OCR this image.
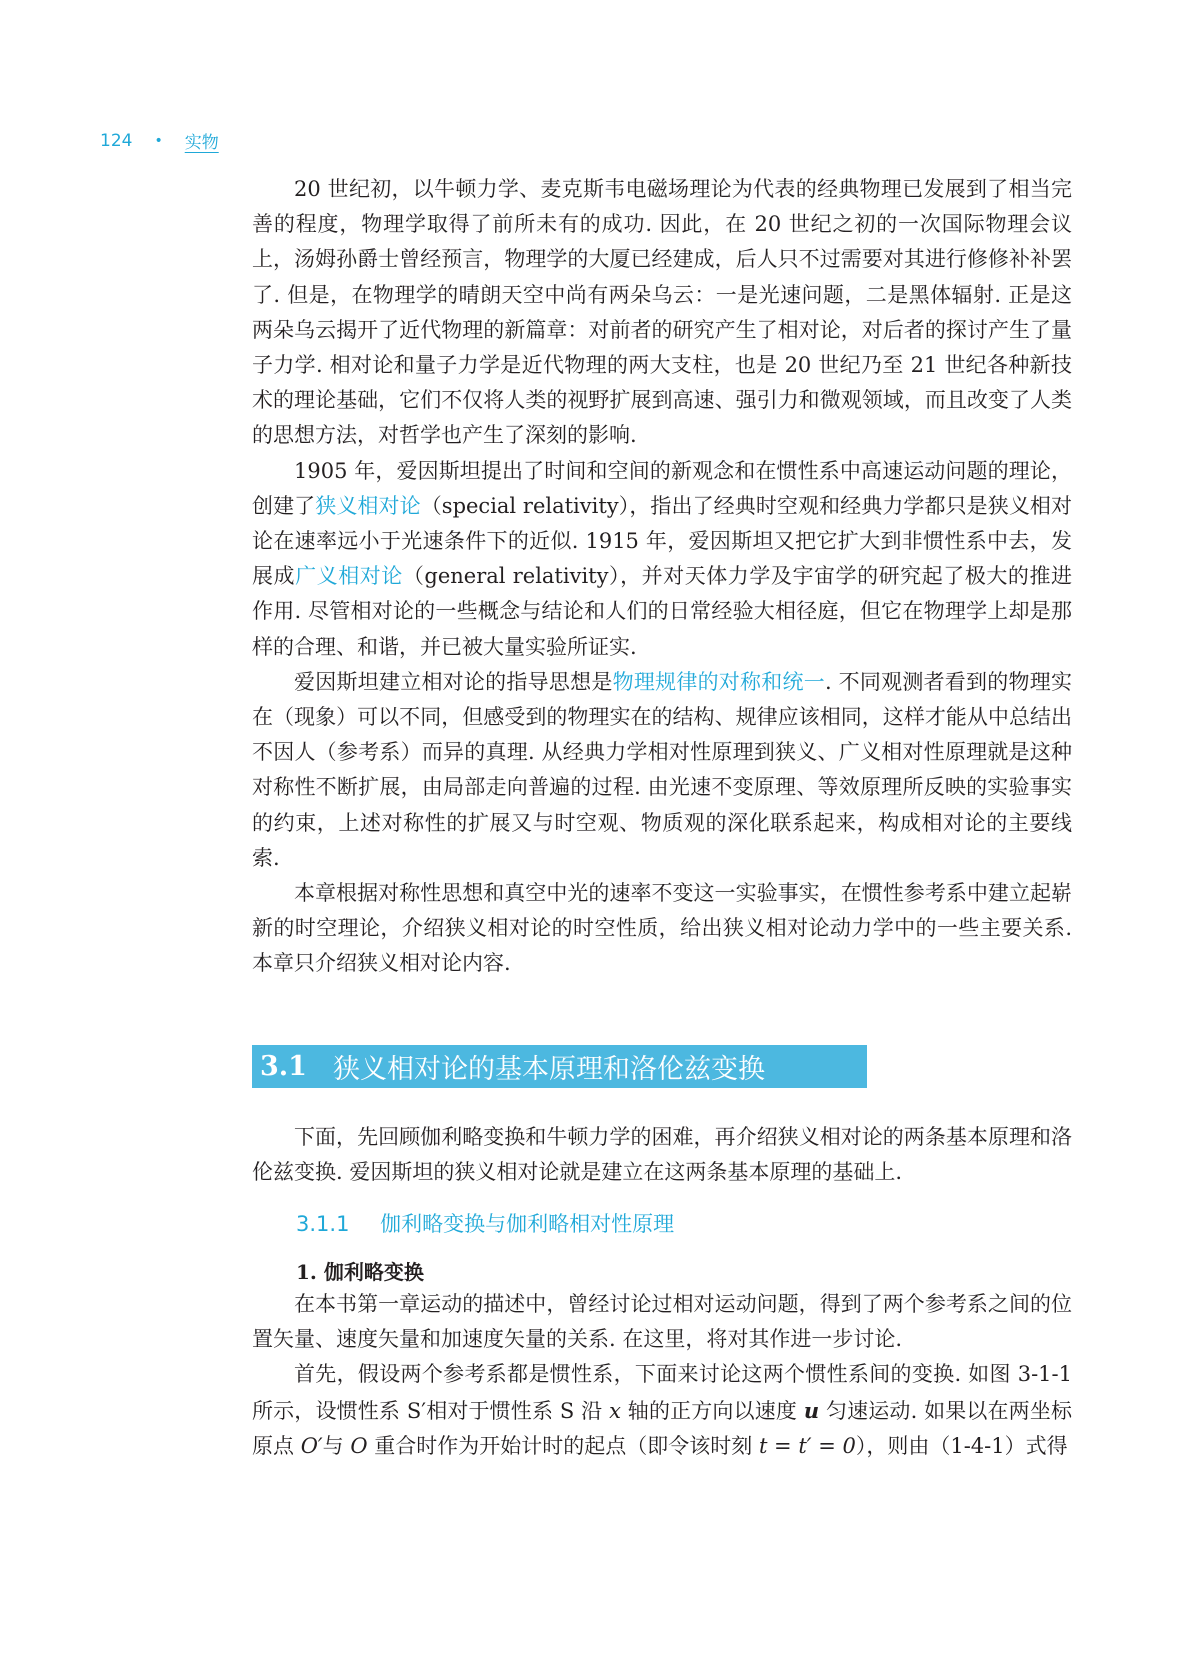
124 • 实物

20 世纪初，以牛顿力学、麦克斯韦电磁场理论为代表的经典物理已发展到了相当完善的程度，物理学取得了前所未有的成功. 因此，在 20 世纪之初的一次国际物理会议上，汤姆孙爵士曾经预言，物理学的大厦已经建成，后人只不过需要对其进行修修补补罢了. 但是，在物理学的晴朗天空中尚有两朵乌云：一是光速问题，二是黑体辐射. 正是这两朵乌云揭开了近代物理的新篇章：对前者的研究产生了相对论，对后者的探讨产生了量子力学. 相对论和量子力学是近代物理的两大支柱，也是 20 世纪乃至 21 世纪各种新技术的理论基础，它们不仅将人类的视野扩展到高速、强引力和微观领域，而且改变了人类的思想方法，对哲学也产生了深刻的影响.

1905 年，爱因斯坦提出了时间和空间的新观念和在惯性系中高速运动问题的理论，创建了狭义相对论（special relativity），指出了经典时空观和经典力学都只是狭义相对论在速率远小于光速条件下的近似. 1915 年，爱因斯坦又把它扩大到非惯性系中去，发展成广义相对论（general relativity），并对天体力学及宇宙学的研究起了极大的推进作用. 尽管相对论的一些概念与结论和人们的日常经验大相径庭，但它在物理学上却是那样的合理、和谐，并已被大量实验所证实.

爱因斯坦建立相对论的指导思想是物理规律的对称和统一. 不同观测者看到的物理实在（现象）可以不同，但感受到的物理实在的结构、规律应该相同，这样才能从中总结出不因人（参考系）而异的真理. 从经典力学相对性原理到狭义、广义相对性原理就是这种对称性不断扩展，由局部走向普遍的过程. 由光速不变原理、等效原理所反映的实验事实的约束，上述对称性的扩展又与时空观、物质观的深化联系起来，构成相对论的主要线索.

本章根据对称性思想和真空中光的速率不变这一实验事实，在惯性参考系中建立起崭新的时空理论，介绍狭义相对论的时空性质，给出狭义相对论动力学中的一些主要关系. 本章只介绍狭义相对论内容.

3.1 狭义相对论的基本原理和洛伦兹变换

下面，先回顾伽利略变换和牛顿力学的困难，再介绍狭义相对论的两条基本原理和洛伦兹变换. 爱因斯坦的狭义相对论就是建立在这两条基本原理的基础上.

3.1.1 伽利略变换与伽利略相对性原理
1. 伽利略变换

在本书第一章运动的描述中，曾经讨论过相对运动问题，得到了两个参考系之间的位置矢量、速度矢量和加速度矢量的关系. 在这里，将对其作进一步讨论.

首先，假设两个参考系都是惯性系，下面来讨论这两个惯性系间的变换. 如图 3-1-1 所示，设惯性系 S′相对于惯性系 S 沿 x 轴的正方向以速度 u 匀速运动. 如果以在两坐标原点 O′与 O 重合时作为开始计时的起点（即令该时刻 t = t′ = 0），则由（1-4-1）式得
